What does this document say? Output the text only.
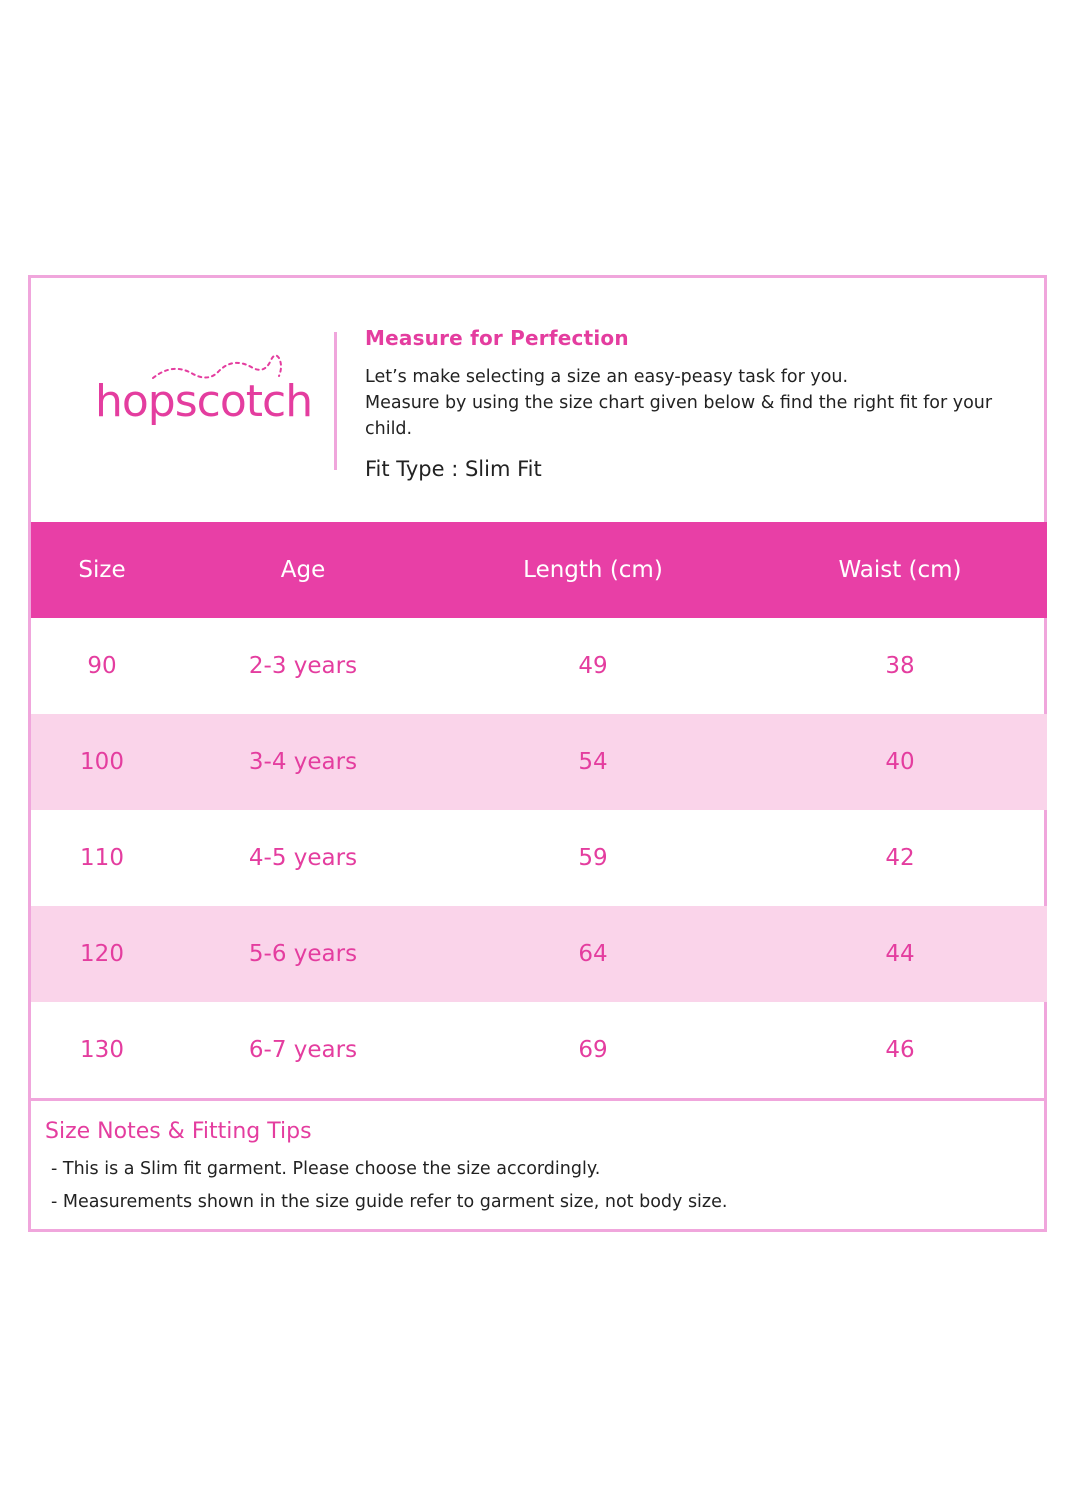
hopscotch

Measure for Perfection

Let’s make selecting a size an easy-peasy task for you.

Measure by using the size chart given below & find the right fit for your child.

Fit Type : Slim Fit
Size	Age	Length (cm)	Waist (cm)
90	2-3 years	49	38
100	3-4 years	54	40
110	4-5 years	59	42
120	5-6 years	64	44
130	6-7 years	69	46

Size Notes & Fitting Tips

- This is a Slim fit garment. Please choose the size accordingly.

- Measurements shown in the size guide refer to garment size, not body size.
